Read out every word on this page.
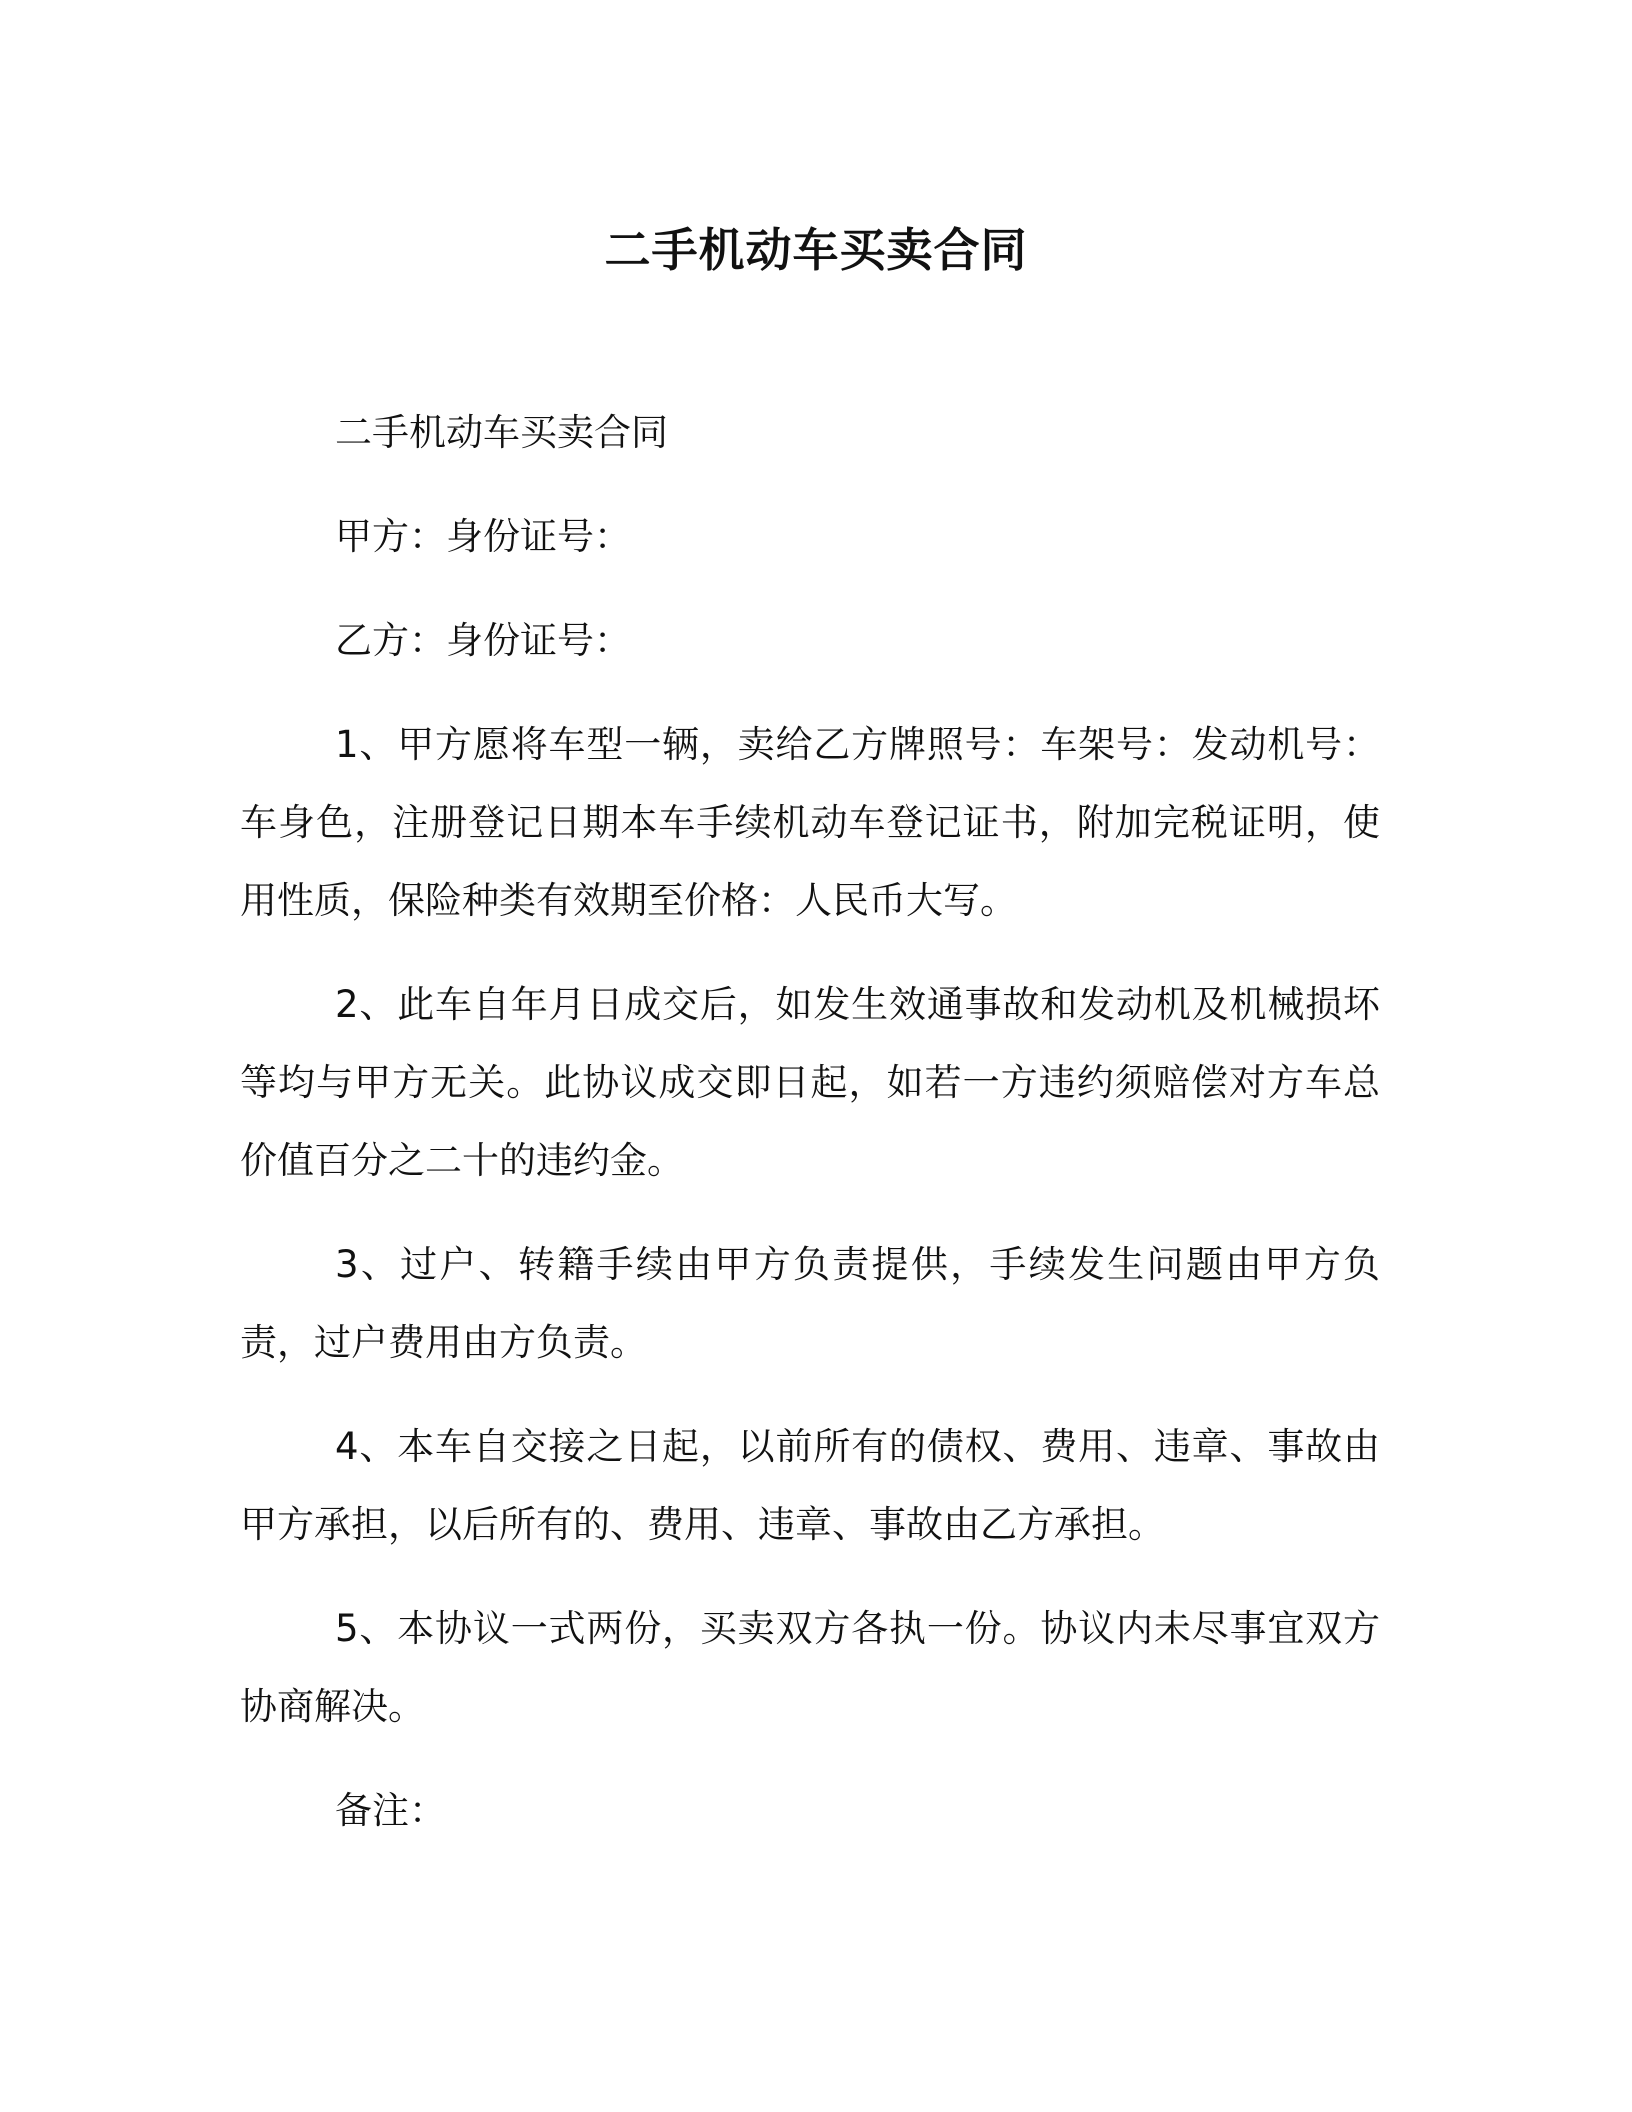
二手机动车买卖合同

二手机动车买卖合同

甲方：身份证号：

乙方：身份证号：

1、甲方愿将车型一辆，卖给乙方牌照号：车架号：发动机号：车身色，注册登记日期本车手续机动车登记证书，附加完税证明，使用性质，保险种类有效期至价格：人民币大写。

2、此车自年月日成交后，如发生效通事故和发动机及机械损坏等均与甲方无关。此协议成交即日起，如若一方违约须赔偿对方车总价值百分之二十的违约金。

3、过户、转籍手续由甲方负责提供，手续发生问题由甲方负责，过户费用由方负责。

4、本车自交接之日起，以前所有的债权、费用、违章、事故由甲方承担，以后所有的、费用、违章、事故由乙方承担。

5、本协议一式两份，买卖双方各执一份。协议内未尽事宜双方协商解决。

备注：
